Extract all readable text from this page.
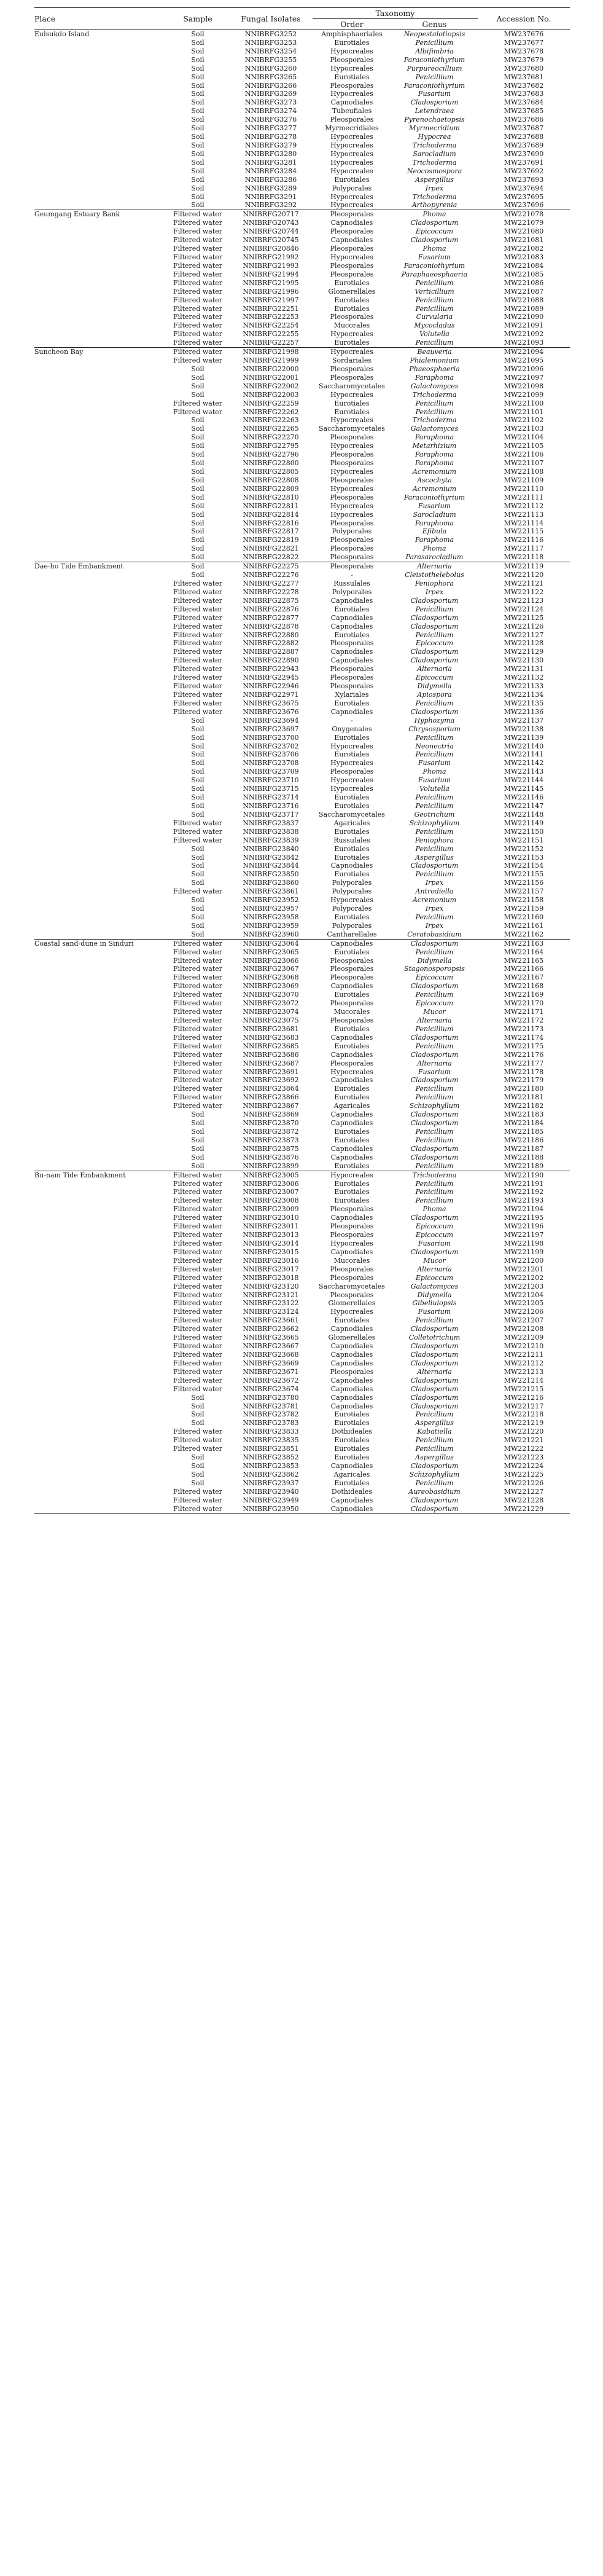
Place	Sample	Fungal Isolates	Taxonomy		Accession No.
			Order	Genus	
Eulsukdo Island	Soil	NNIBRFG3252	Amphisphaeriales	Neopestalotiopsis	MW237676
	Soil	NNIBRFG3253	Eurotiales	Penicillium	MW237677
	Soil	NNIBRFG3254	Hypocreales	Albifimbria	MW237678
	Soil	NNIBRFG3255	Pleosporales	Paraconiothyrium	MW237679
	Soil	NNIBRFG3260	Hypocreales	Purpureocillium	MW237680
	Soil	NNIBRFG3265	Eurotiales	Penicillium	MW237681
	Soil	NNIBRFG3266	Pleosporales	Paraconiothyrium	MW237682
	Soil	NNIBRFG3269	Hypocreales	Fusarium	MW237683
	Soil	NNIBRFG3273	Capnodiales	Cladosporium	MW237684
	Soil	NNIBRFG3274	Tubeufiales	Letendraea	MW237685
	Soil	NNIBRFG3276	Pleosporales	Pyrenochaetopsis	MW237686
	Soil	NNIBRFG3277	Myrmecridiales	Myrmecridium	MW237687
	Soil	NNIBRFG3278	Hypocreales	Hypocrea	MW237688
	Soil	NNIBRFG3279	Hypocreales	Trichoderma	MW237689
	Soil	NNIBRFG3280	Hypocreales	Sarocladium	MW237690
	Soil	NNIBRFG3281	Hypocreales	Trichoderma	MW237691
	Soil	NNIBRFG3284	Hypocreales	Neocosmospora	MW237692
	Soil	NNIBRFG3286	Eurotiales	Aspergillus	MW237693
	Soil	NNIBRFG3289	Polyporales	Irpex	MW237694
	Soil	NNIBRFG3291	Hypocreales	Trichoderma	MW237695
	Soil	NNIBRFG3292	Hypocreales	Arthopyrenia	MW237696
Geumgang Estuary Bank	Filtered water	NNIBRFG20717	Pleosporales	Phoma	MW221078
	Filtered water	NNIBRFG20743	Capnodiales	Cladosporium	MW221079
	Filtered water	NNIBRFG20744	Pleosporales	Epicoccum	MW221080
	Filtered water	NNIBRFG20745	Capnodiales	Cladosporium	MW221081
	Filtered water	NNIBRFG20846	Pleosporales	Phoma	MW221082
	Filtered water	NNIBRFG21992	Hypocreales	Fusarium	MW221083
	Filtered water	NNIBRFG21993	Pleosporales	Paraconiothyrium	MW221084
	Filtered water	NNIBRFG21994	Pleosporales	Paraphaeosphaeria	MW221085
	Filtered water	NNIBRFG21995	Eurotiales	Penicillium	MW221086
	Filtered water	NNIBRFG21996	Glomerellales	Verticillium	MW221087
	Filtered water	NNIBRFG21997	Eurotiales	Penicillium	MW221088
	Filtered water	NNIBRFG22251	Eurotiales	Penicillium	MW221089
	Filtered water	NNIBRFG22253	Pleosporales	Curvularia	MW221090
	Filtered water	NNIBRFG22254	Mucorales	Mycocladus	MW221091
	Filtered water	NNIBRFG22255	Hypocreales	Volutella	MW221092
	Filtered water	NNIBRFG22257	Eurotiales	Penicillium	MW221093
Suncheon Bay	Filtered water	NNIBRFG21998	Hypocreales	Beauveria	MW221094
	Filtered water	NNIBRFG21999	Sordariales	Phialemonium	MW221095
	Soil	NNIBRFG22000	Pleosporales	Phaeosphaeria	MW221096
	Soil	NNIBRFG22001	Pleosporales	Paraphoma	MW221097
	Soil	NNIBRFG22002	Saccharomycetales	Galactomyces	MW221098
	Soil	NNIBRFG22003	Hypocreales	Trichoderma	MW221099
	Filtered water	NNIBRFG22259	Eurotiales	Penicillium	MW221100
	Filtered water	NNIBRFG22262	Eurotiales	Penicillium	MW221101
	Soil	NNIBRFG22263	Hypocreales	Trichoderma	MW221102
	Soil	NNIBRFG22265	Saccharomycetales	Galactomyces	MW221103
	Soil	NNIBRFG22270	Pleosporales	Paraphoma	MW221104
	Soil	NNIBRFG22795	Hypocreales	Metarhizium	MW221105
	Soil	NNIBRFG22796	Pleosporales	Paraphoma	MW221106
	Soil	NNIBRFG22800	Pleosporales	Paraphoma	MW221107
	Soil	NNIBRFG22805	Hypocreales	Acremonium	MW221108
	Soil	NNIBRFG22808	Pleosporales	Ascochyta	MW221109
	Soil	NNIBRFG22809	Hypocreales	Acremonium	MW221110
	Soil	NNIBRFG22810	Pleosporales	Paraconiothyrium	MW221111
	Soil	NNIBRFG22811	Hypocreales	Fusarium	MW221112
	Soil	NNIBRFG22814	Hypocreales	Sarocladium	MW221113
	Soil	NNIBRFG22816	Pleosporales	Paraphoma	MW221114
	Soil	NNIBRFG22817	Polyporales	Efibula	MW221115
	Soil	NNIBRFG22819	Pleosporales	Paraphoma	MW221116
	Soil	NNIBRFG22821	Pleosporales	Phoma	MW221117
	Soil	NNIBRFG22822	Pleosporales	Parasarocladium	MW221118
Dae-ho Tide Embankment	Soil	NNIBRFG22275	Pleosporales	Alternaria	MW221119
	Soil	NNIBRFG22276	-	Cleistothelebolus	MW221120
	Filtered water	NNIBRFG22277	Russulales	Peniophora	MW221121
	Filtered water	NNIBRFG22278	Polyporales	Irpex	MW221122
	Filtered water	NNIBRFG22875	Capnodiales	Cladosporium	MW221123
	Filtered water	NNIBRFG22876	Eurotiales	Penicillium	MW221124
	Filtered water	NNIBRFG22877	Capnodiales	Cladosporium	MW221125
	Filtered water	NNIBRFG22878	Capnodiales	Cladosporium	MW221126
	Filtered water	NNIBRFG22880	Eurotiales	Penicillium	MW221127
	Filtered water	NNIBRFG22882	Pleosporales	Epicoccum	MW221128
	Filtered water	NNIBRFG22887	Capnodiales	Cladosporium	MW221129
	Filtered water	NNIBRFG22890	Capnodiales	Cladosporium	MW221130
	Filtered water	NNIBRFG22943	Pleosporales	Alternaria	MW221131
	Filtered water	NNIBRFG22945	Pleosporales	Epicoccum	MW221132
	Filtered water	NNIBRFG22946	Pleosporales	Didymella	MW221133
	Filtered water	NNIBRFG22971	Xylariales	Apiospora	MW221134
	Filtered water	NNIBRFG23675	Eurotiales	Penicillium	MW221135
	Filtered water	NNIBRFG23676	Capnodiales	Cladosporium	MW221136
	Soil	NNIBRFG23694	-	Hyphozyma	MW221137
	Soil	NNIBRFG23697	Onygenales	Chrysosporium	MW221138
	Soil	NNIBRFG23700	Eurotiales	Penicillium	MW221139
	Soil	NNIBRFG23702	Hypocreales	Neonectria	MW221140
	Soil	NNIBRFG23706	Eurotiales	Penicillium	MW221141
	Soil	NNIBRFG23708	Hypocreales	Fusarium	MW221142
	Soil	NNIBRFG23709	Pleosporales	Phoma	MW221143
	Soil	NNIBRFG23710	Hypocreales	Fusarium	MW221144
	Soil	NNIBRFG23715	Hypocreales	Volutella	MW221145
	Soil	NNIBRFG23714	Eurotiales	Penicillium	MW221146
	Soil	NNIBRFG23716	Eurotiales	Penicillium	MW221147
	Soil	NNIBRFG23717	Saccharomycetales	Geotrichum	MW221148
	Filtered water	NNIBRFG23837	Agaricales	Schizophyllum	MW221149
	Filtered water	NNIBRFG23838	Eurotiales	Penicillium	MW221150
	Filtered water	NNIBRFG23839	Russulales	Peniophora	MW221151
	Soil	NNIBRFG23840	Eurotiales	Penicillium	MW221152
	Soil	NNIBRFG23842	Eurotiales	Aspergillus	MW221153
	Soil	NNIBRFG23844	Capnodiales	Cladosporium	MW221154
	Soil	NNIBRFG23850	Eurotiales	Penicillium	MW221155
	Soil	NNIBRFG23860	Polyporales	Irpex	MW221156
	Filtered water	NNIBRFG23861	Polyporales	Antrodiella	MW221157
	Soil	NNIBRFG23952	Hypocreales	Acremonium	MW221158
	Soil	NNIBRFG23957	Polyporales	Irpex	MW221159
	Soil	NNIBRFG23958	Eurotiales	Penicillium	MW221160
	Soil	NNIBRFG23959	Polyporales	Irpex	MW221161
	Soil	NNIBRFG23960	Cantharellales	Ceratobasidium	MW221162
Coastal sand-dune in Sinduri	Filtered water	NNIBRFG23064	Capnodiales	Cladosporium	MW221163
	Filtered water	NNIBRFG23065	Eurotiales	Penicillium	MW221164
	Filtered water	NNIBRFG23066	Pleosporales	Didymella	MW221165
	Filtered water	NNIBRFG23067	Pleosporales	Stagonosporopsis	MW221166
	Filtered water	NNIBRFG23068	Pleosporales	Epicoccum	MW221167
	Filtered water	NNIBRFG23069	Capnodiales	Cladosporium	MW221168
	Filtered water	NNIBRFG23070	Eurotiales	Penicillium	MW221169
	Filtered water	NNIBRFG23072	Pleosporales	Epicoccum	MW221170
	Filtered water	NNIBRFG23074	Mucorales	Mucor	MW221171
	Filtered water	NNIBRFG23075	Pleosporales	Alternaria	MW221172
	Filtered water	NNIBRFG23681	Eurotiales	Penicillium	MW221173
	Filtered water	NNIBRFG23683	Capnodiales	Cladosporium	MW221174
	Filtered water	NNIBRFG23685	Eurotiales	Penicillium	MW221175
	Filtered water	NNIBRFG23686	Capnodiales	Cladosporium	MW221176
	Filtered water	NNIBRFG23687	Pleosporales	Alternaria	MW221177
	Filtered water	NNIBRFG23691	Hypocreales	Fusarium	MW221178
	Filtered water	NNIBRFG23692	Capnodiales	Cladosporium	MW221179
	Filtered water	NNIBRFG23864	Eurotiales	Penicillium	MW221180
	Filtered water	NNIBRFG23866	Eurotiales	Penicillium	MW221181
	Filtered water	NNIBRFG23867	Agaricales	Schizophyllum	MW221182
	Soil	NNIBRFG23869	Capnodiales	Cladosporium	MW221183
	Soil	NNIBRFG23870	Capnodiales	Cladosporium	MW221184
	Soil	NNIBRFG23872	Eurotiales	Penicillium	MW221185
	Soil	NNIBRFG23873	Eurotiales	Penicillium	MW221186
	Soil	NNIBRFG23875	Capnodiales	Cladosporium	MW221187
	Soil	NNIBRFG23876	Capnodiales	Cladosporium	MW221188
	Soil	NNIBRFG23899	Eurotiales	Penicillium	MW221189
Bu-nam Tide Embankment	Filtered water	NNIBRFG23005	Hypocreales	Trichoderma	MW221190
	Filtered water	NNIBRFG23006	Eurotiales	Penicillium	MW221191
	Filtered water	NNIBRFG23007	Eurotiales	Penicillium	MW221192
	Filtered water	NNIBRFG23008	Eurotiales	Penicillium	MW221193
	Filtered water	NNIBRFG23009	Pleosporales	Phoma	MW221194
	Filtered water	NNIBRFG23010	Capnodiales	Cladosporium	MW221195
	Filtered water	NNIBRFG23011	Pleosporales	Epicoccum	MW221196
	Filtered water	NNIBRFG23013	Pleosporales	Epicoccum	MW221197
	Filtered water	NNIBRFG23014	Hypocreales	Fusarium	MW221198
	Filtered water	NNIBRFG23015	Capnodiales	Cladosporium	MW221199
	Filtered water	NNIBRFG23016	Mucorales	Mucor	MW221200
	Filtered water	NNIBRFG23017	Pleosporales	Alternaria	MW221201
	Filtered water	NNIBRFG23018	Pleosporales	Epicoccum	MW221202
	Filtered water	NNIBRFG23120	Saccharomycetales	Galactomyces	MW221203
	Filtered water	NNIBRFG23121	Pleosporales	Didymella	MW221204
	Filtered water	NNIBRFG23122	Glomerellales	Gibellulopsis	MW221205
	Filtered water	NNIBRFG23124	Hypocreales	Fusarium	MW221206
	Filtered water	NNIBRFG23661	Eurotiales	Penicillium	MW221207
	Filtered water	NNIBRFG23662	Capnodiales	Cladosporium	MW221208
	Filtered water	NNIBRFG23665	Glomerellales	Colletotrichum	MW221209
	Filtered water	NNIBRFG23667	Capnodiales	Cladosporium	MW221210
	Filtered water	NNIBRFG23668	Capnodiales	Cladosporium	MW221211
	Filtered water	NNIBRFG23669	Capnodiales	Cladosporium	MW221212
	Filtered water	NNIBRFG23671	Pleosporales	Alternaria	MW221213
	Filtered water	NNIBRFG23672	Capnodiales	Cladosporium	MW221214
	Filtered water	NNIBRFG23674	Capnodiales	Cladosporium	MW221215
	Soil	NNIBRFG23780	Capnodiales	Cladosporium	MW221216
	Soil	NNIBRFG23781	Capnodiales	Cladosporium	MW221217
	Soil	NNIBRFG23782	Eurotiales	Penicillium	MW221218
	Soil	NNIBRFG23783	Eurotiales	Aspergillus	MW221219
	Filtered water	NNIBRFG23833	Dothideales	Kabatiella	MW221220
	Filtered water	NNIBRFG23835	Eurotiales	Penicillium	MW221221
	Filtered water	NNIBRFG23851	Eurotiales	Penicillium	MW221222
	Soil	NNIBRFG23852	Eurotiales	Aspergillus	MW221223
	Soil	NNIBRFG23853	Capnodiales	Cladosporium	MW221224
	Soil	NNIBRFG23862	Agaricales	Schizophyllum	MW221225
	Soil	NNIBRFG23937	Eurotiales	Penicillium	MW221226
	Filtered water	NNIBRFG23940	Dothideales	Aureobasidium	MW221227
	Filtered water	NNIBRFG23949	Capnodiales	Cladosporium	MW221228
	Filtered water	NNIBRFG23950	Capnodiales	Cladosporium	MW221229
